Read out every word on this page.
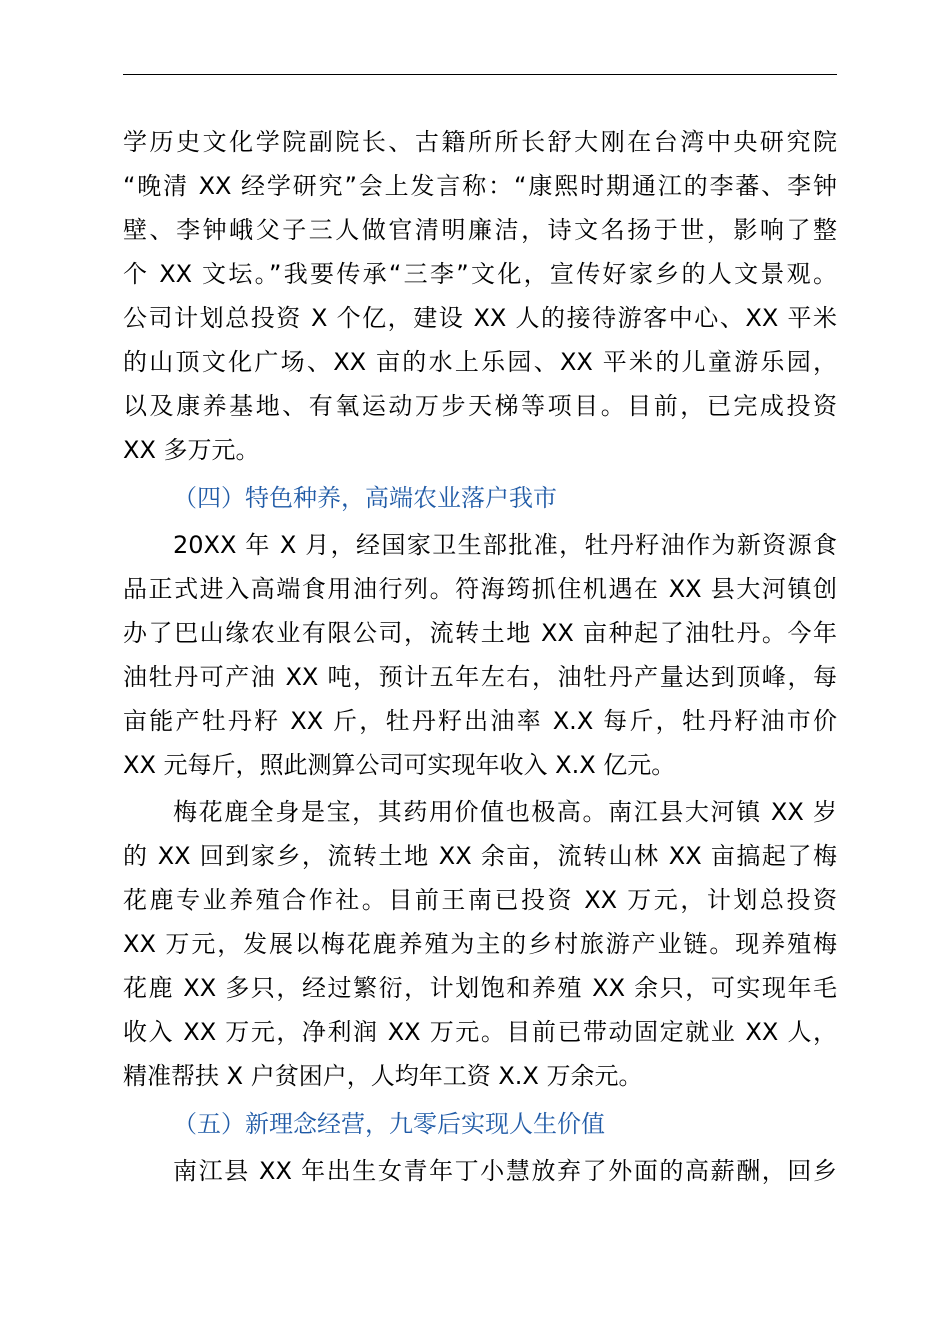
学历史文化学院副院长、古籍所所长舒大刚在台湾中央研究院
“晚清 XX 经学研究”会上发言称：“康熙时期通江的李蕃、李钟
壁、李钟峨父子三人做官清明廉洁，诗文名扬于世，影响了整
个 XX 文坛。”我要传承“三李”文化，宣传好家乡的人文景观。
公司计划总投资 X 个亿，建设 XX 人的接待游客中心、XX 平米
的山顶文化广场、XX 亩的水上乐园、XX 平米的儿童游乐园，
以及康养基地、有氧运动万步天梯等项目。目前，已完成投资
XX 多万元。
（四）特色种养，高端农业落户我市
20XX 年 X 月，经国家卫生部批准，牡丹籽油作为新资源食
品正式进入高端食用油行列。符海筠抓住机遇在 XX 县大河镇创
办了巴山缘农业有限公司，流转土地 XX 亩种起了油牡丹。今年
油牡丹可产油 XX 吨，预计五年左右，油牡丹产量达到顶峰，每
亩能产牡丹籽 XX 斤，牡丹籽出油率 X.X 每斤，牡丹籽油市价
XX 元每斤，照此测算公司可实现年收入 X.X 亿元。
梅花鹿全身是宝，其药用价值也极高。南江县大河镇 XX 岁
的 XX 回到家乡，流转土地 XX 余亩，流转山林 XX 亩搞起了梅
花鹿专业养殖合作社。目前王南已投资 XX 万元，计划总投资
XX 万元，发展以梅花鹿养殖为主的乡村旅游产业链。现养殖梅
花鹿 XX 多只，经过繁衍，计划饱和养殖 XX 余只，可实现年毛
收入 XX 万元，净利润 XX 万元。目前已带动固定就业 XX 人，
精准帮扶 X 户贫困户，人均年工资 X.X 万余元。
（五）新理念经营，九零后实现人生价值
南江县 XX 年出生女青年丁小慧放弃了外面的高薪酬，回乡
